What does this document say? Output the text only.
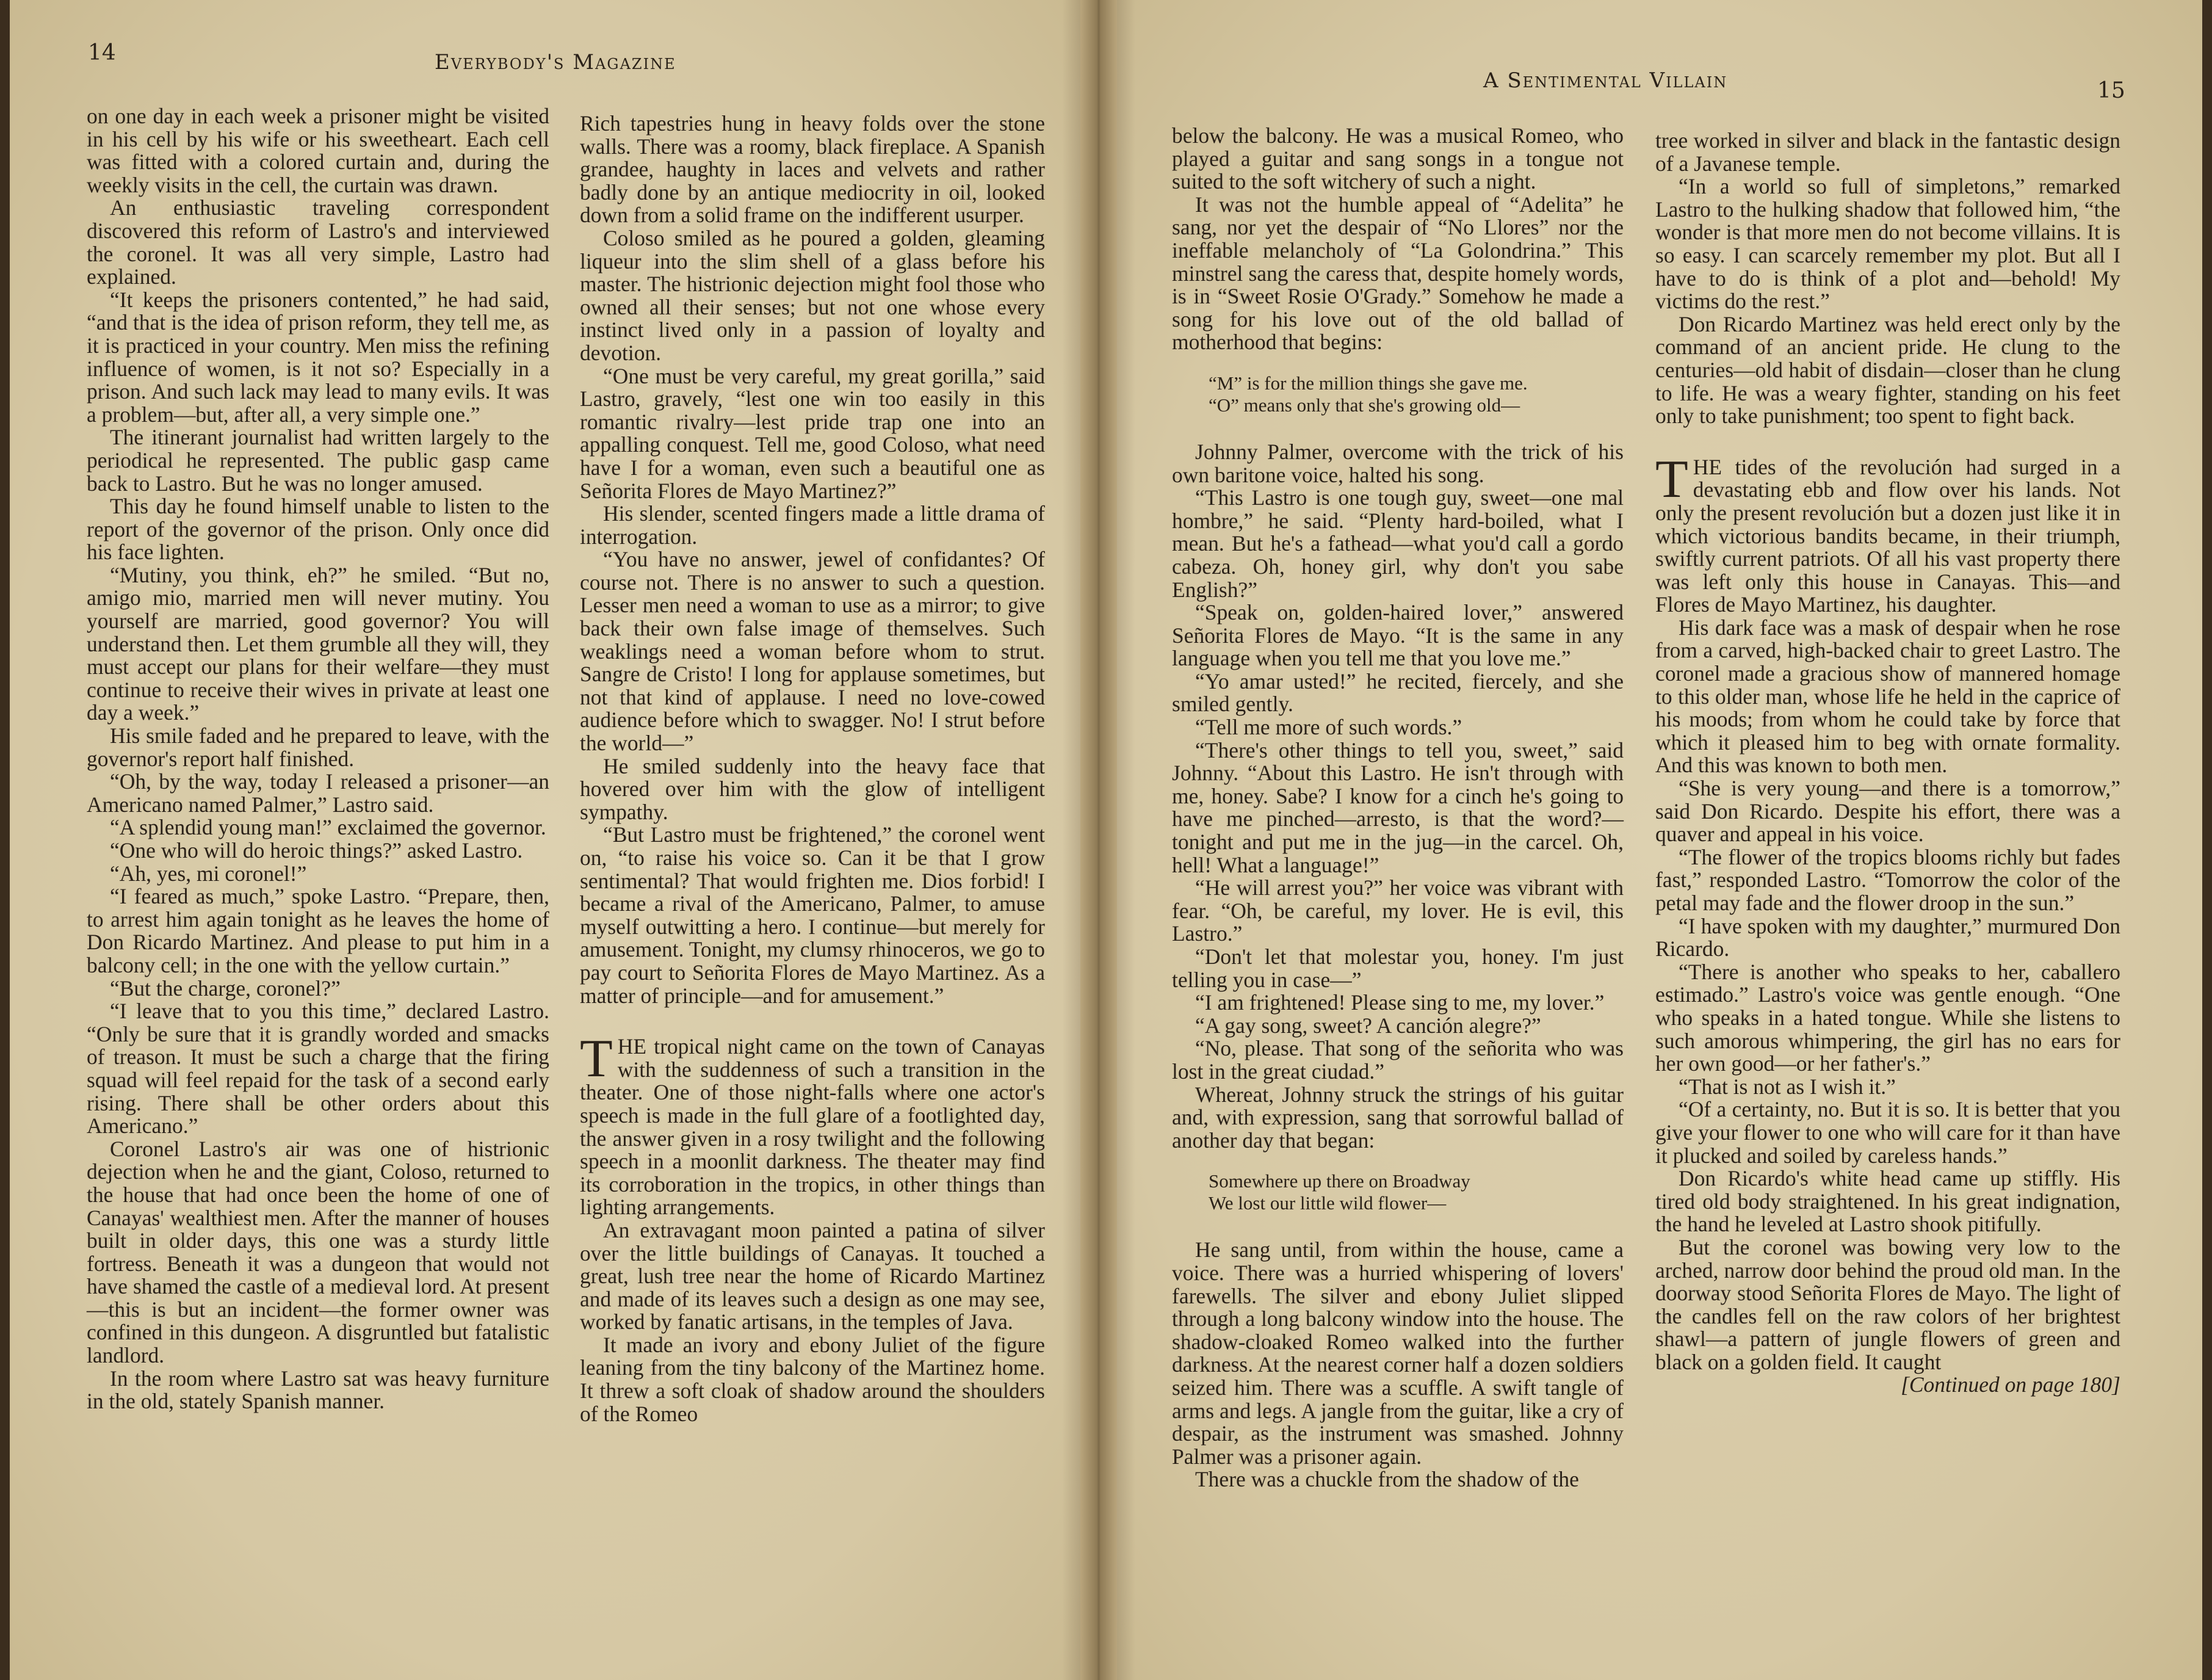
14	Everybody's Magazine

on one day in each week a prisoner might be visited in his cell by his wife or his sweetheart. Each cell was fitted with a colored curtain and, during the weekly visits in the cell, the curtain was drawn.

An enthusiastic traveling correspondent discovered this reform of Lastro's and interviewed the coronel. It was all very simple, Lastro had explained.

“It keeps the prisoners contented,” he had said, “and that is the idea of prison reform, they tell me, as it is practiced in your country. Men miss the refining influence of women, is it not so? Especially in a prison. And such lack may lead to many evils. It was a problem—but, after all, a very simple one.”

The itinerant journalist had written largely to the periodical he represented. The public gasp came back to Lastro. But he was no longer amused.

This day he found himself unable to listen to the report of the governor of the prison. Only once did his face lighten.

“Mutiny, you think, eh?” he smiled. “But no, amigo mio, married men will never mutiny. You yourself are married, good governor? You will understand then. Let them grumble all they will, they must accept our plans for their welfare—they must continue to receive their wives in private at least one day a week.”

His smile faded and he prepared to leave, with the governor's report half finished.

“Oh, by the way, today I released a prisoner—an Americano named Palmer,” Lastro said.

“A splendid young man!” exclaimed the governor.

“One who will do heroic things?” asked Lastro.

“Ah, yes, mi coronel!”

“I feared as much,” spoke Lastro. “Prepare, then, to arrest him again tonight as he leaves the home of Don Ricardo Martinez. And please to put him in a balcony cell; in the one with the yellow curtain.”

“But the charge, coronel?”

“I leave that to you this time,” declared Lastro. “Only be sure that it is grandly worded and smacks of treason. It must be such a charge that the firing squad will feel repaid for the task of a second early rising. There shall be other orders about this Americano.”

Coronel Lastro's air was one of histrionic dejection when he and the giant, Coloso, returned to the house that had once been the home of one of Canayas' wealthiest men. After the manner of houses built in older days, this one was a sturdy little fortress. Beneath it was a dungeon that would not have shamed the castle of a medieval lord. At present—this is but an incident—the former owner was confined in this dungeon. A disgruntled but fatalistic landlord.

In the room where Lastro sat was heavy furniture in the old, stately Spanish manner.

Rich tapestries hung in heavy folds over the stone walls. There was a roomy, black fireplace. A Spanish grandee, haughty in laces and velvets and rather badly done by an antique mediocrity in oil, looked down from a solid frame on the indifferent usurper.

Coloso smiled as he poured a golden, gleaming liqueur into the slim shell of a glass before his master. The histrionic dejection might fool those who owned all their senses; but not one whose every instinct lived only in a passion of loyalty and devotion.

“One must be very careful, my great gorilla,” said Lastro, gravely, “lest one win too easily in this romantic rivalry—lest pride trap one into an appalling conquest. Tell me, good Coloso, what need have I for a woman, even such a beautiful one as Señorita Flores de Mayo Martinez?”

His slender, scented fingers made a little drama of interrogation.

“You have no answer, jewel of confidantes? Of course not. There is no answer to such a question. Lesser men need a woman to use as a mirror; to give back their own false image of themselves. Such weaklings need a woman before whom to strut. Sangre de Cristo! I long for applause sometimes, but not that kind of applause. I need no love-cowed audience before which to swagger. No! I strut before the world—”

He smiled suddenly into the heavy face that hovered over him with the glow of intelligent sympathy.

“But Lastro must be frightened,” the coronel went on, “to raise his voice so. Can it be that I grow sentimental? That would frighten me. Dios forbid! I became a rival of the Americano, Palmer, to amuse myself outwitting a hero. I continue—but merely for amusement. Tonight, my clumsy rhinoceros, we go to pay court to Señorita Flores de Mayo Martinez. As a matter of principle—and for amusement.”

THE tropical night came on the town of Canayas with the suddenness of such a transition in the theater. One of those night-falls where one actor's speech is made in the full glare of a footlighted day, the answer given in a rosy twilight and the following speech in a moonlit darkness. The theater may find its corroboration in the tropics, in other things than lighting arrangements.

An extravagant moon painted a patina of silver over the little buildings of Canayas. It touched a great, lush tree near the home of Ricardo Martinez and made of its leaves such a design as one may see, worked by fanatic artisans, in the temples of Java.

It made an ivory and ebony Juliet of the figure leaning from the tiny balcony of the Martinez home. It threw a soft cloak of shadow around the shoulders of the Romeo

A Sentimental Villain	15

below the balcony. He was a musical Romeo, who played a guitar and sang songs in a tongue not suited to the soft witchery of such a night.

It was not the humble appeal of “Adelita” he sang, nor yet the despair of “No Llores” nor the ineffable melancholy of “La Golondrina.” This minstrel sang the caress that, despite homely words, is in “Sweet Rosie O'Grady.” Somehow he made a song for his love out of the old ballad of motherhood that begins:

“M” is for the million things she gave me.
“O” means only that she's growing old—

Johnny Palmer, overcome with the trick of his own baritone voice, halted his song.

“This Lastro is one tough guy, sweet—one mal hombre,” he said. “Plenty hard-boiled, what I mean. But he's a fathead—what you'd call a gordo cabeza. Oh, honey girl, why don't you sabe English?”

“Speak on, golden-haired lover,” answered Señorita Flores de Mayo. “It is the same in any language when you tell me that you love me.”

“Yo amar usted!” he recited, fiercely, and she smiled gently.

“Tell me more of such words.”

“There's other things to tell you, sweet,” said Johnny. “About this Lastro. He isn't through with me, honey. Sabe? I know for a cinch he's going to have me pinched—arresto, is that the word?—tonight and put me in the jug—in the carcel. Oh, hell! What a language!”

“He will arrest you?” her voice was vibrant with fear. “Oh, be careful, my lover. He is evil, this Lastro.”

“Don't let that molestar you, honey. I'm just telling you in case—”

“I am frightened! Please sing to me, my lover.”

“A gay song, sweet? A canción alegre?”

“No, please. That song of the señorita who was lost in the great ciudad.”

Whereat, Johnny struck the strings of his guitar and, with expression, sang that sorrowful ballad of another day that began:

Somewhere up there on Broadway
We lost our little wild flower—

He sang until, from within the house, came a voice. There was a hurried whispering of lovers' farewells. The silver and ebony Juliet slipped through a long balcony window into the house. The shadow-cloaked Romeo walked into the further darkness. At the nearest corner half a dozen soldiers seized him. There was a scuffle. A swift tangle of arms and legs. A jangle from the guitar, like a cry of despair, as the instrument was smashed. Johnny Palmer was a prisoner again.

There was a chuckle from the shadow of the

tree worked in silver and black in the fantastic design of a Javanese temple.

“In a world so full of simpletons,” remarked Lastro to the hulking shadow that followed him, “the wonder is that more men do not become villains. It is so easy. I can scarcely remember my plot. But all I have to do is think of a plot and—behold! My victims do the rest.”

Don Ricardo Martinez was held erect only by the command of an ancient pride. He clung to the centuries—old habit of disdain—closer than he clung to life. He was a weary fighter, standing on his feet only to take punishment; too spent to fight back.

THE tides of the revolución had surged in a devastating ebb and flow over his lands. Not only the present revolución but a dozen just like it in which victorious bandits became, in their triumph, swiftly current patriots. Of all his vast property there was left only this house in Canayas. This—and Flores de Mayo Martinez, his daughter.

His dark face was a mask of despair when he rose from a carved, high-backed chair to greet Lastro. The coronel made a gracious show of mannered homage to this older man, whose life he held in the caprice of his moods; from whom he could take by force that which it pleased him to beg with ornate formality. And this was known to both men.

“She is very young—and there is a tomorrow,” said Don Ricardo. Despite his effort, there was a quaver and appeal in his voice.

“The flower of the tropics blooms richly but fades fast,” responded Lastro. “Tomorrow the color of the petal may fade and the flower droop in the sun.”

“I have spoken with my daughter,” murmured Don Ricardo.

“There is another who speaks to her, caballero estimado.” Lastro's voice was gentle enough. “One who speaks in a hated tongue. While she listens to such amorous whimpering, the girl has no ears for her own good—or her father's.”

“That is not as I wish it.”

“Of a certainty, no. But it is so. It is better that you give your flower to one who will care for it than have it plucked and soiled by careless hands.”

Don Ricardo's white head came up stiffly. His tired old body straightened. In his great indignation, the hand he leveled at Lastro shook pitifully.

But the coronel was bowing very low to the arched, narrow door behind the proud old man. In the doorway stood Señorita Flores de Mayo. The light of the candles fell on the raw colors of her brightest shawl—a pattern of jungle flowers of green and black on a golden field. It caught

[Continued on page 180]
